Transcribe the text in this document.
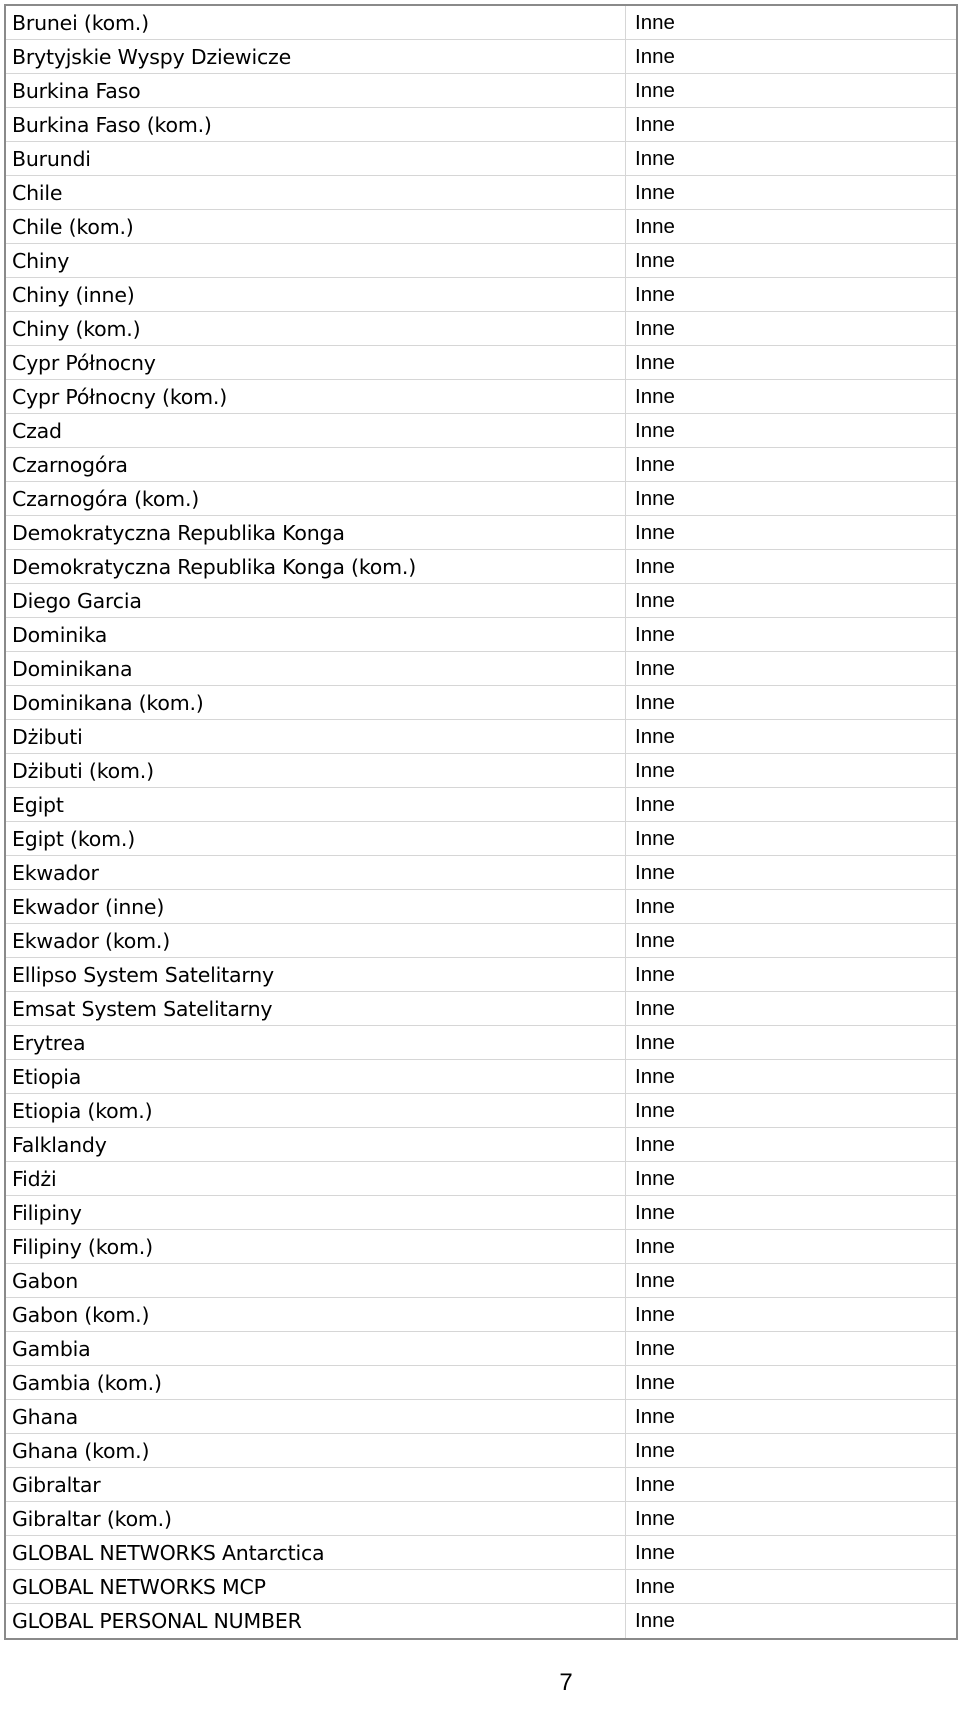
Brunei (kom.)	Inne
Brytyjskie Wyspy Dziewicze	Inne
Burkina Faso	Inne
Burkina Faso (kom.)	Inne
Burundi	Inne
Chile	Inne
Chile (kom.)	Inne
Chiny	Inne
Chiny (inne)	Inne
Chiny (kom.)	Inne
Cypr Północny	Inne
Cypr Północny (kom.)	Inne
Czad	Inne
Czarnogóra	Inne
Czarnogóra (kom.)	Inne
Demokratyczna Republika Konga	Inne
Demokratyczna Republika Konga (kom.)	Inne
Diego Garcia	Inne
Dominika	Inne
Dominikana	Inne
Dominikana (kom.)	Inne
Dżibuti	Inne
Dżibuti (kom.)	Inne
Egipt	Inne
Egipt (kom.)	Inne
Ekwador	Inne
Ekwador (inne)	Inne
Ekwador (kom.)	Inne
Ellipso System Satelitarny	Inne
Emsat System Satelitarny	Inne
Erytrea	Inne
Etiopia	Inne
Etiopia (kom.)	Inne
Falklandy	Inne
Fidżi	Inne
Filipiny	Inne
Filipiny (kom.)	Inne
Gabon	Inne
Gabon (kom.)	Inne
Gambia	Inne
Gambia (kom.)	Inne
Ghana	Inne
Ghana (kom.)	Inne
Gibraltar	Inne
Gibraltar (kom.)	Inne
GLOBAL NETWORKS Antarctica	Inne
GLOBAL NETWORKS MCP	Inne
GLOBAL PERSONAL NUMBER	Inne
7
